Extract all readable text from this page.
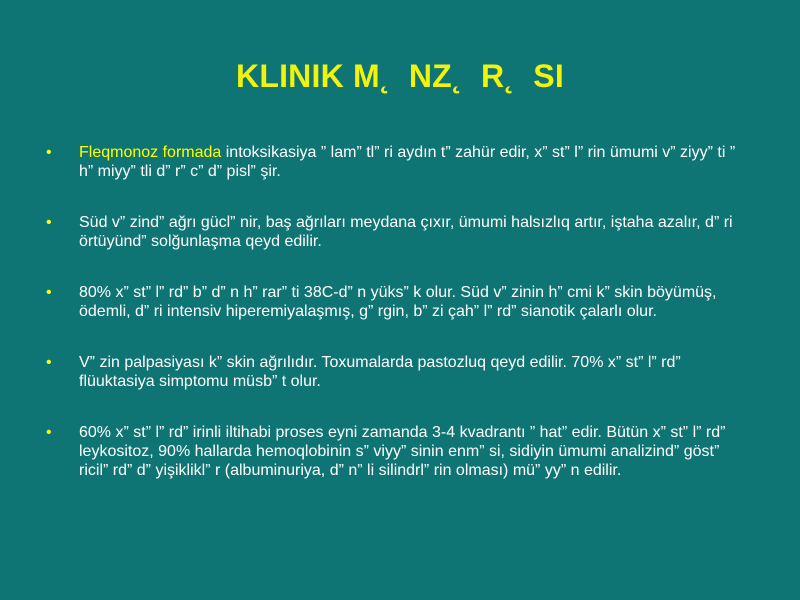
KLINIK M˛  NZ˛  R˛  SI
• Fleqmonoz formada intoksikasiya ” lam” tl” ri aydın t” zahür edir, x” st” l” rin ümumi v” ziyy” ti ” h” miyy” tli d” r” c” d” pisl” şir.
• Süd v” zind” ağrı gücl” nir, baş ağrıları meydana çıxır, ümumi halsızlıq artır, iştaha azalır, d” ri örtüyünd” solğunlaşma qeyd edilir.
• 80% x” st” l” rd” b” d” n h” rar” ti 38C-d” n yüks” k olur. Süd v” zinin h” cmi k” skin böyümüş, ödemli, d” ri intensiv hiperemiyalaşmış, g” rgin, b” zi çah” l” rd” sianotik çalarlı olur.
• V” zin palpasiyası k” skin ağrılıdır. Toxumalarda pastozluq qeyd edilir. 70% x” st” l” rd” flüuktasiya simptomu müsb” t olur.
• 60% x” st” l” rd” irinli iltihabi proses eyni zamanda 3-4 kvadrantı ” hat” edir. Bütün x” st” l” rd” leykositoz, 90% hallarda hemoqlobinin s” viyy” sinin enm” si, sidiyin ümumi analizind” göst” ricil” rd” d” yişiklikl” r (albuminuriya, d” n” li silindrl” rin olması) mü” yy” n edilir.
